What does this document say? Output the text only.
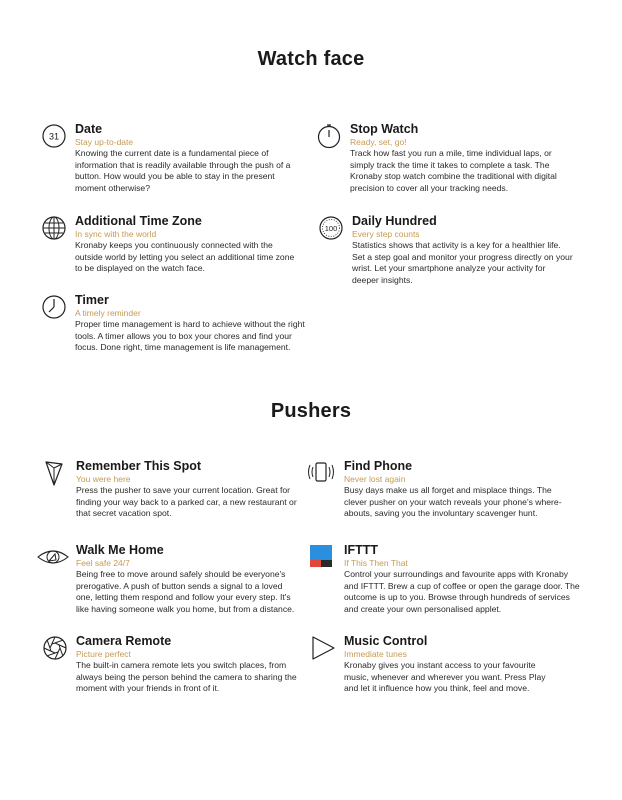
Watch face
31
Date
Stay up-to-date
Knowing the current date is a fundamental piece of information that is readily available through the push of a button. How would you be able to stay in the present moment otherwise?
Stop Watch
Ready, set, go!
Track how fast you run a mile, time individual laps, or simply track the time it takes to complete a task. The Kronaby stop watch combine the traditional with digital precision to cover all your tracking needs.
Additional Time Zone
In sync with the world
Kronaby keeps you continuously connected with the outside world by letting you select an additional time zone to be displayed on the watch face.
100
Daily Hundred
Every step counts
Statistics shows that activity is a key for a healthier life. Set a step goal and monitor your progress directly on your wrist. Let your smartphone analyze your activity for deeper insights.
Timer
A timely reminder
Proper time management is hard to achieve without the right tools. A timer allows you to box your chores and find your focus. Done right, time management is life management.
Pushers
Remember This Spot
You were here
Press the pusher to save your current location. Great for finding your way back to a parked car, a new restaurant or that secret vacation spot.
Find Phone
Never lost again
Busy days make us all forget and misplace things. The clever pusher on your watch reveals your phone's where-abouts, saving you the involuntary scavenger hunt.
Walk Me Home
Feel safe 24/7
Being free to move around safely should be everyone's prerogative. A push of button sends a signal to a loved one, letting them respond and follow your every step. It's like having someone walk you home, but from a distance.
IFTTT
If This Then That
Control your surroundings and favourite apps with Kronaby and IFTTT. Brew a cup of coffee or open the garage door. The outcome is up to you. Browse through hundreds of services and create your own personalised applet.
Camera Remote
Picture perfect
The built-in camera remote lets you switch places, from always being the person behind the camera to sharing the moment with your friends in front of it.
Music Control
Immediate tunes
Kronaby gives you instant access to your favourite music, whenever and wherever you want. Press Play and let it influence how you think, feel and move.
